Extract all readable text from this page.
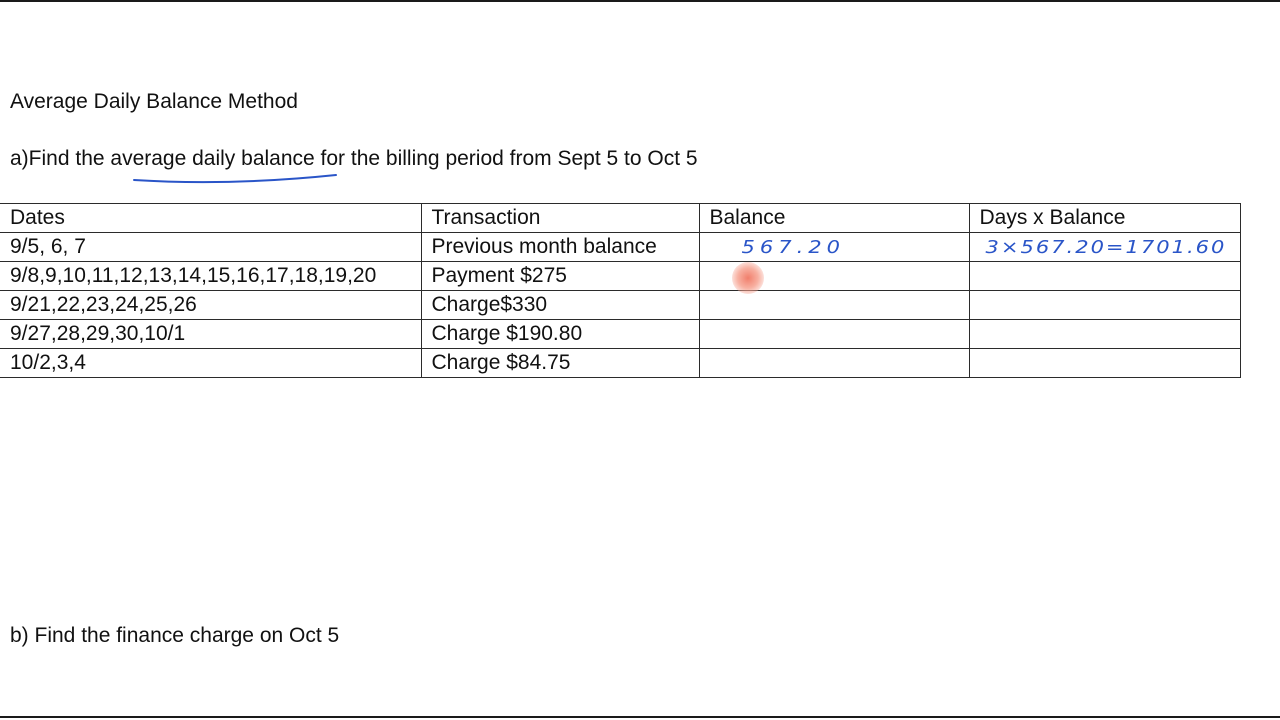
Average Daily Balance Method
a)Find the average daily balance for the billing period from Sept 5 to Oct 5
Dates	Transaction	Balance	Days x Balance
9/5, 6, 7	Previous month balance	567.20	3×567.20=1701.60
9/8,9,10,11,12,13,14,15,16,17,18,19,20	Payment $275		
9/21,22,23,24,25,26	Charge$330		
9/27,28,29,30,10/1	Charge $190.80		
10/2,3,4	Charge $84.75		
b) Find the finance charge on Oct 5
